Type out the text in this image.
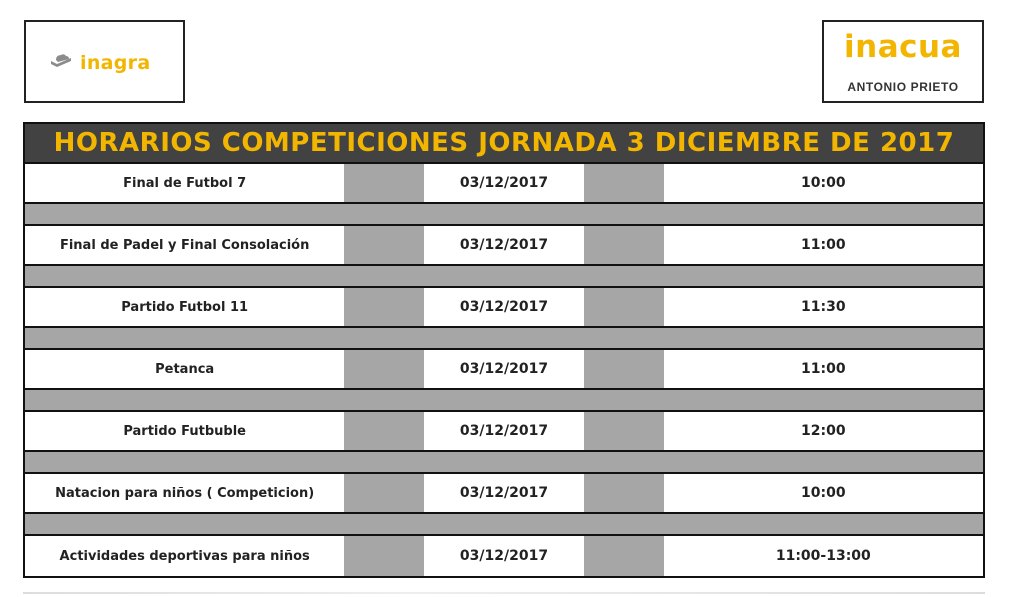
inagra	inacua
ANTONIO PRIETO
HORARIOS COMPETICIONES JORNADA 3 DICIEMBRE DE 2017
Final de Futbol 7	03/12/2017	10:00
Final de Padel y Final Consolación	03/12/2017	11:00
Partido Futbol 11	03/12/2017	11:30
Petanca	03/12/2017	11:00
Partido Futbuble	03/12/2017	12:00
Natacion para niños ( Competicion)	03/12/2017	10:00
Actividades deportivas para niños	03/12/2017	11:00-13:00
